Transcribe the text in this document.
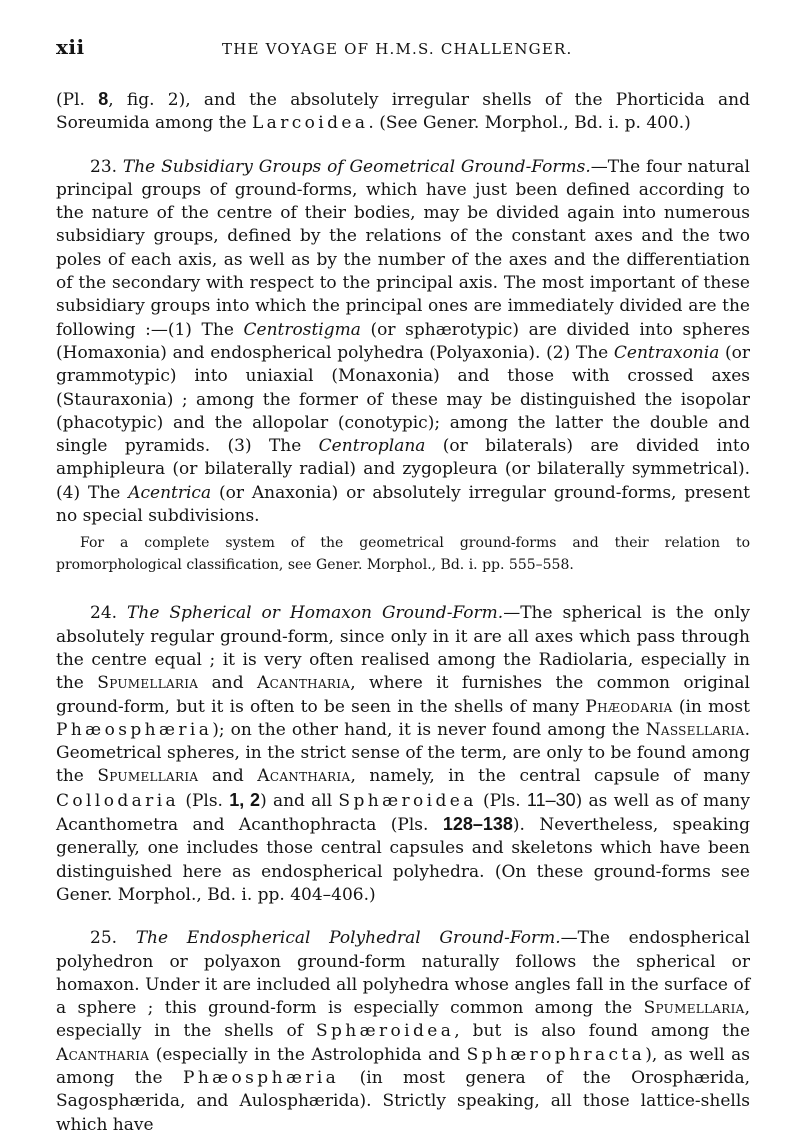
xii	THE VOYAGE OF H.M.S. CHALLENGER.

(Pl. 8, fig. 2), and the absolutely irregular shells of the Phorticida and Soreumida among the Larcoidea. (See Gener. Morphol., Bd. i. p. 400.)

23. The Subsidiary Groups of Geometrical Ground-Forms.—The four natural principal groups of ground-forms, which have just been defined according to the nature of the centre of their bodies, may be divided again into numerous subsidiary groups, defined by the relations of the constant axes and the two poles of each axis, as well as by the number of the axes and the differentiation of the secondary with respect to the principal axis. The most important of these subsidiary groups into which the principal ones are immediately divided are the following :—(1) The Centrostigma (or sphærotypic) are divided into spheres (Homaxonia) and endospherical polyhedra (Polyaxonia). (2) The Centraxonia (or grammotypic) into uniaxial (Monaxonia) and those with crossed axes (Stauraxonia) ; among the former of these may be distinguished the isopolar (phacotypic) and the allopolar (conotypic); among the latter the double and single pyramids. (3) The Centroplana (or bilaterals) are divided into amphipleura (or bilaterally radial) and zygopleura (or bilaterally symmetrical). (4) The Acentrica (or Anaxonia) or absolutely irregular ground-forms, present no special subdivisions.

For a complete system of the geometrical ground-forms and their relation to promorphological classification, see Gener. Morphol., Bd. i. pp. 555–558.

24. The Spherical or Homaxon Ground-Form.—The spherical is the only absolutely regular ground-form, since only in it are all axes which pass through the centre equal ; it is very often realised among the Radiolaria, especially in the Spumellaria and Acantharia, where it furnishes the common original ground-form, but it is often to be seen in the shells of many Phæodaria (in most Phæosphæria); on the other hand, it is never found among the Nassellaria. Geometrical spheres, in the strict sense of the term, are only to be found among the Spumellaria and Acantharia, namely, in the central capsule of many Collodaria (Pls. 1, 2) and all Sphæroidea (Pls. 11–30) as well as of many Acanthometra and Acanthophracta (Pls. 128–138). Nevertheless, speaking generally, one includes those central capsules and skeletons which have been distinguished here as endospherical polyhedra. (On these ground-forms see Gener. Morphol., Bd. i. pp. 404–406.)

25. The Endospherical Polyhedral Ground-Form.—The endospherical polyhedron or polyaxon ground-form naturally follows the spherical or homaxon. Under it are included all polyhedra whose angles fall in the surface of a sphere ; this ground-form is especially common among the Spumellaria, especially in the shells of Sphæroidea, but is also found among the Acantharia (especially in the Astrolophida and Sphærophracta), as well as among the Phæosphæria (in most genera of the Orosphærida, Sagosphærida, and Aulosphærida). Strictly speaking, all those lattice-shells which have
